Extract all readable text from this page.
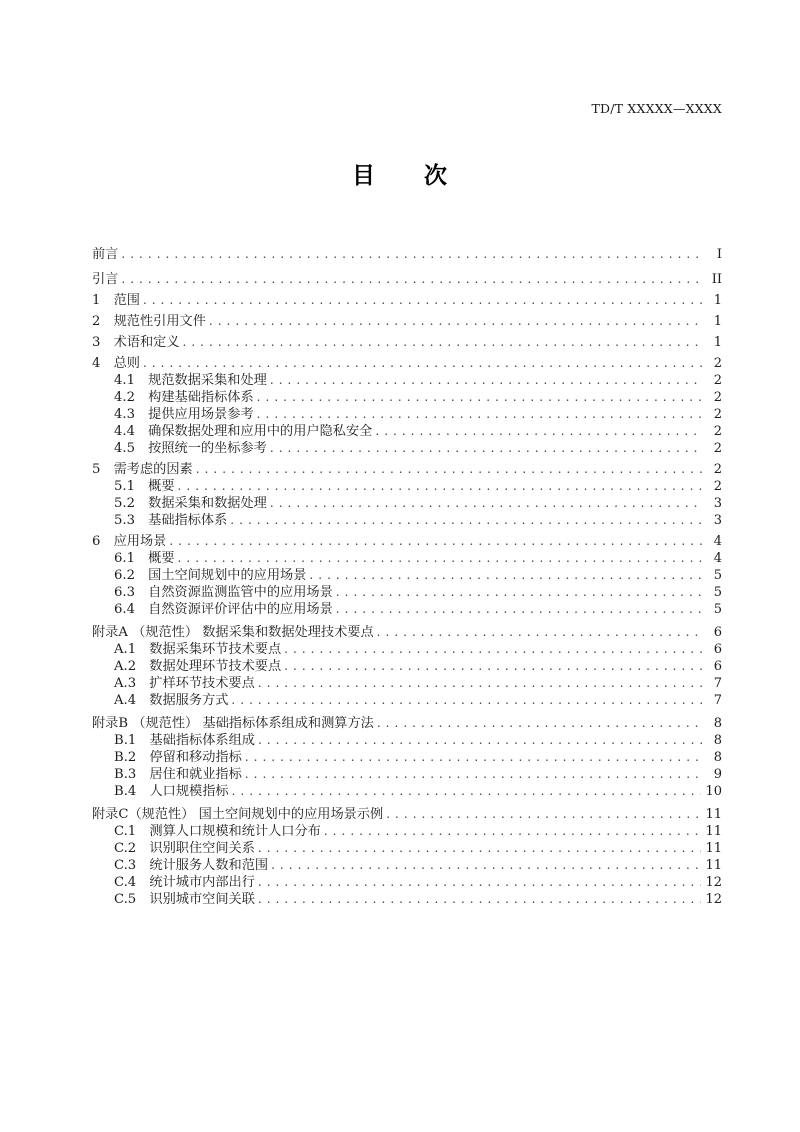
TD/T XXXXX—XXXX
目　　次
前言 . . .	I
引言 . . .	II
1　范围 . . .	1
2　规范性引用文件 . . .	1
3　术语和定义 . . .	1
4　总则 . . .	2
4.1　规范数据采集和处理 . . .	2
4.2　构建基础指标体系 . . .	2
4.3　提供应用场景参考 . . .	2
4.4　确保数据处理和应用中的用户隐私安全 . . .	2
4.5　按照统一的坐标参考 . . .	2
5　需考虑的因素 . . .	2
5.1　概要 . . .	2
5.2　数据采集和数据处理 . . .	3
5.3　基础指标体系 . . .	3
6　应用场景 . . .	4
6.1　概要 . . .	4
6.2　国土空间规划中的应用场景 . . .	5
6.3　自然资源监测监管中的应用场景 . . .	5
6.4　自然资源评价评估中的应用场景 . . .	5
附录A （规范性） 数据采集和数据处理技术要点 . . .	6
A.1　数据采集环节技术要点 . . .	6
A.2　数据处理环节技术要点 . . .	6
A.3　扩样环节技术要点 . . .	7
A.4　数据服务方式 . . .	7
附录B （规范性） 基础指标体系组成和测算方法 . . .	8
B.1　基础指标体系组成 . . .	8
B.2　停留和移动指标 . . .	8
B.3　居住和就业指标 . . .	9
B.4　人口规模指标 . . .	10
附录C（规范性） 国土空间规划中的应用场景示例 . . .	11
C.1　测算人口规模和统计人口分布 . . .	11
C.2　识别职住空间关系 . . .	11
C.3　统计服务人数和范围 . . .	11
C.4　统计城市内部出行 . . .	12
C.5　识别城市空间关联 . . .	12
